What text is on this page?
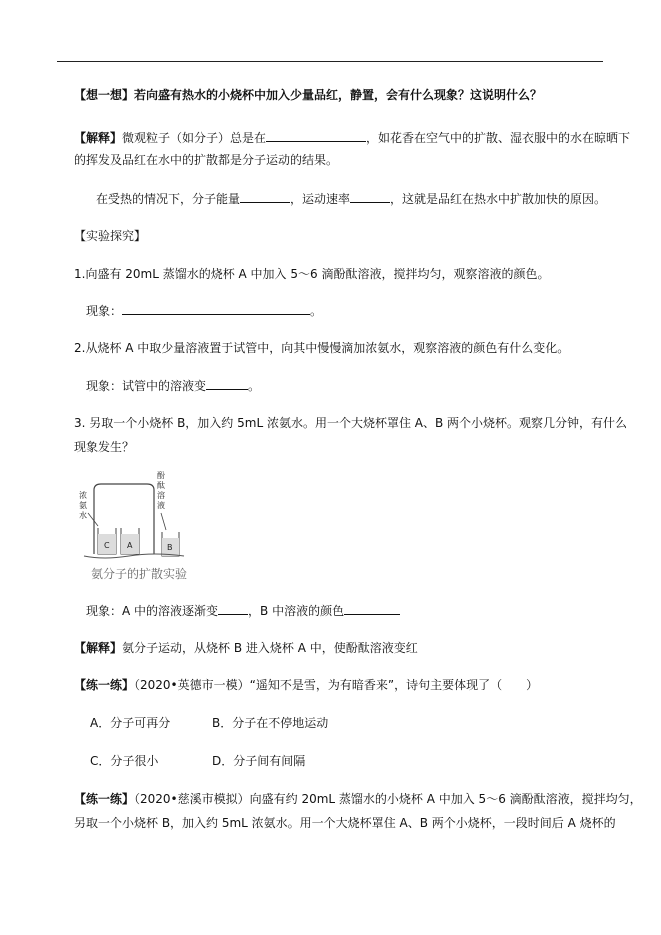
【想一想】若向盛有热水的小烧杯中加入少量品红，静置，会有什么现象？这说明什么？
【解释】微观粒子（如分子）总是在	，如花香在空气中的扩散、湿衣服中的水在晾晒下
的挥发及品红在水中的扩散都是分子运动的结果。
在受热的情况下，分子能量	，运动速率	，这就是品红在热水中扩散加快的原因。
【实验探究】
1.向盛有 20mL 蒸馏水的烧杯 A 中加入 5～6 滴酚酞溶液，搅拌均匀，观察溶液的颜色。
现象：	。
2.从烧杯 A 中取少量溶液置于试管中，向其中慢慢滴加浓氨水，观察溶液的颜色有什么变化。
现象：试管中的溶液变	。
3. 另取一个小烧杯 B，加入约 5mL 浓氨水。用一个大烧杯罩住 A、B 两个小烧杯。观察几分钟，有什么
现象发生？
浓
氨
水
酚
酞
溶
液
C A	B
氨分子的扩散实验
现象：A 中的溶液逐渐变	，B 中溶液的颜色
【解释】氨分子运动，从烧杯 B 进入烧杯 A 中，使酚酞溶液变红
【练一练】（2020•英德市一模）“遥知不是雪，为有暗香来”，诗句主要体现了（　　）
A．分子可再分	B．分子在不停地运动
C．分子很小	D．分子间有间隔
【练一练】（2020•慈溪市模拟）向盛有约 20mL 蒸馏水的小烧杯 A 中加入 5～6 滴酚酞溶液，搅拌均匀，
另取一个小烧杯 B，加入约 5mL 浓氨水。用一个大烧杯罩住 A、B 两个小烧杯，一段时间后 A 烧杯的
